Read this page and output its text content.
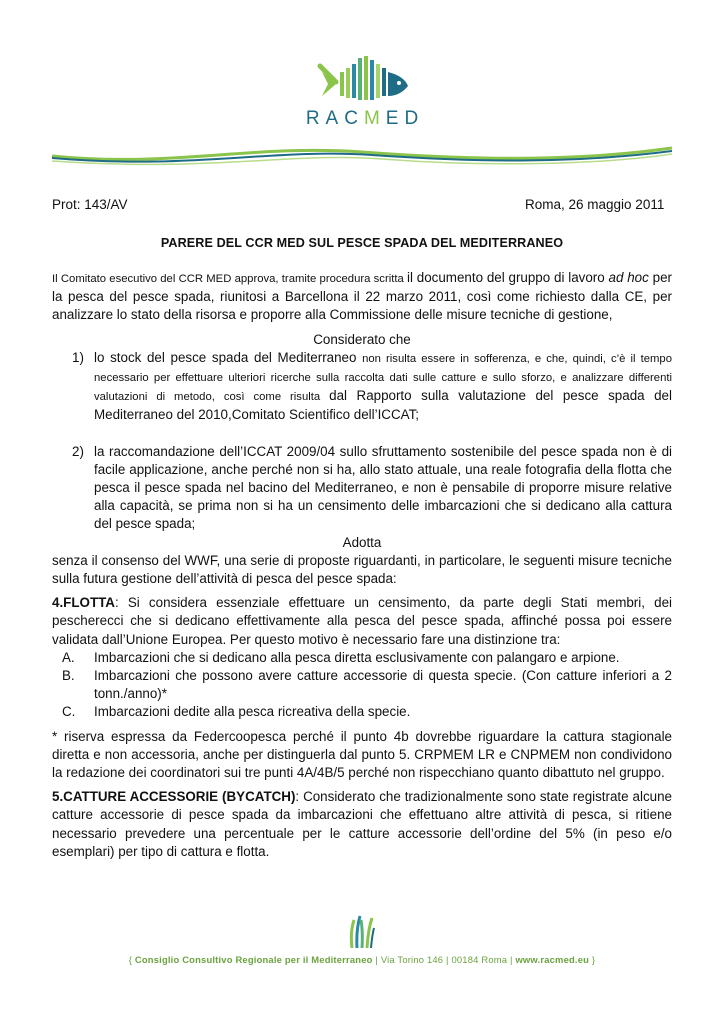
RACMED
Prot: 143/AV	Roma, 26 maggio 2011
PARERE DEL CCR MED SUL PESCE SPADA DEL MEDITERRANEO

Il Comitato esecutivo del CCR MED approva, tramite procedura scritta il documento del gruppo di lavoro ad hoc per la pesca del pesce spada, riunitosi a Barcellona il 22 marzo 2011, così come richiesto dalla CE, per analizzare lo stato della risorsa e proporre alla Commissione delle misure tecniche di gestione,

Considerato che

1) lo stock del pesce spada del Mediterraneo non risulta essere in sofferenza, e che, quindi, c’è il tempo necessario per effettuare ulteriori ricerche sulla raccolta dati sulle catture e sullo sforzo, e analizzare differenti valutazioni di metodo, così come risulta dal Rapporto sulla valutazione del pesce spada del Mediterraneo del 2010,Comitato Scientifico dell’ICCAT;
2) la raccomandazione dell’ICCAT 2009/04 sullo sfruttamento sostenibile del pesce spada non è di facile applicazione, anche perché non si ha, allo stato attuale, una reale fotografia della flotta che pesca il pesce spada nel bacino del Mediterraneo, e non è pensabile di proporre misure relative alla capacità, se prima non si ha un censimento delle imbarcazioni che si dedicano alla cattura del pesce spada;

Adotta

senza il consenso del WWF, una serie di proposte riguardanti, in particolare, le seguenti misure tecniche sulla futura gestione dell’attività di pesca del pesce spada:

4.FLOTTA: Si considera essenziale effettuare un censimento, da parte degli Stati membri, dei pescherecci che si dedicano effettivamente alla pesca del pesce spada, affinché possa poi essere validata dall’Unione Europea. Per questo motivo è necessario fare una distinzione tra:

A. Imbarcazioni che si dedicano alla pesca diretta esclusivamente con palangaro e arpione.
B. Imbarcazioni che possono avere catture accessorie di questa specie. (Con catture inferiori a 2 tonn./anno)*
C. Imbarcazioni dedite alla pesca ricreativa della specie.

* riserva espressa da Federcoopesca perché il punto 4b dovrebbe riguardare la cattura stagionale diretta e non accessoria, anche per distinguerla dal punto 5. CRPMEM LR e CNPMEM non condividono la redazione dei coordinatori sui tre punti 4A/4B/5 perché non rispecchiano quanto dibattuto nel gruppo.

5.CATTURE ACCESSORIE (BYCATCH): Considerato che tradizionalmente sono state registrate alcune catture accessorie di pesce spada da imbarcazioni che effettuano altre attività di pesca, si ritiene necessario prevedere una percentuale per le catture accessorie dell’ordine del 5% (in peso e/o esemplari) per tipo di cattura e flotta.

{ Consiglio Consultivo Regionale per il Mediterraneo | Via Torino 146 | 00184 Roma | www.racmed.eu }
